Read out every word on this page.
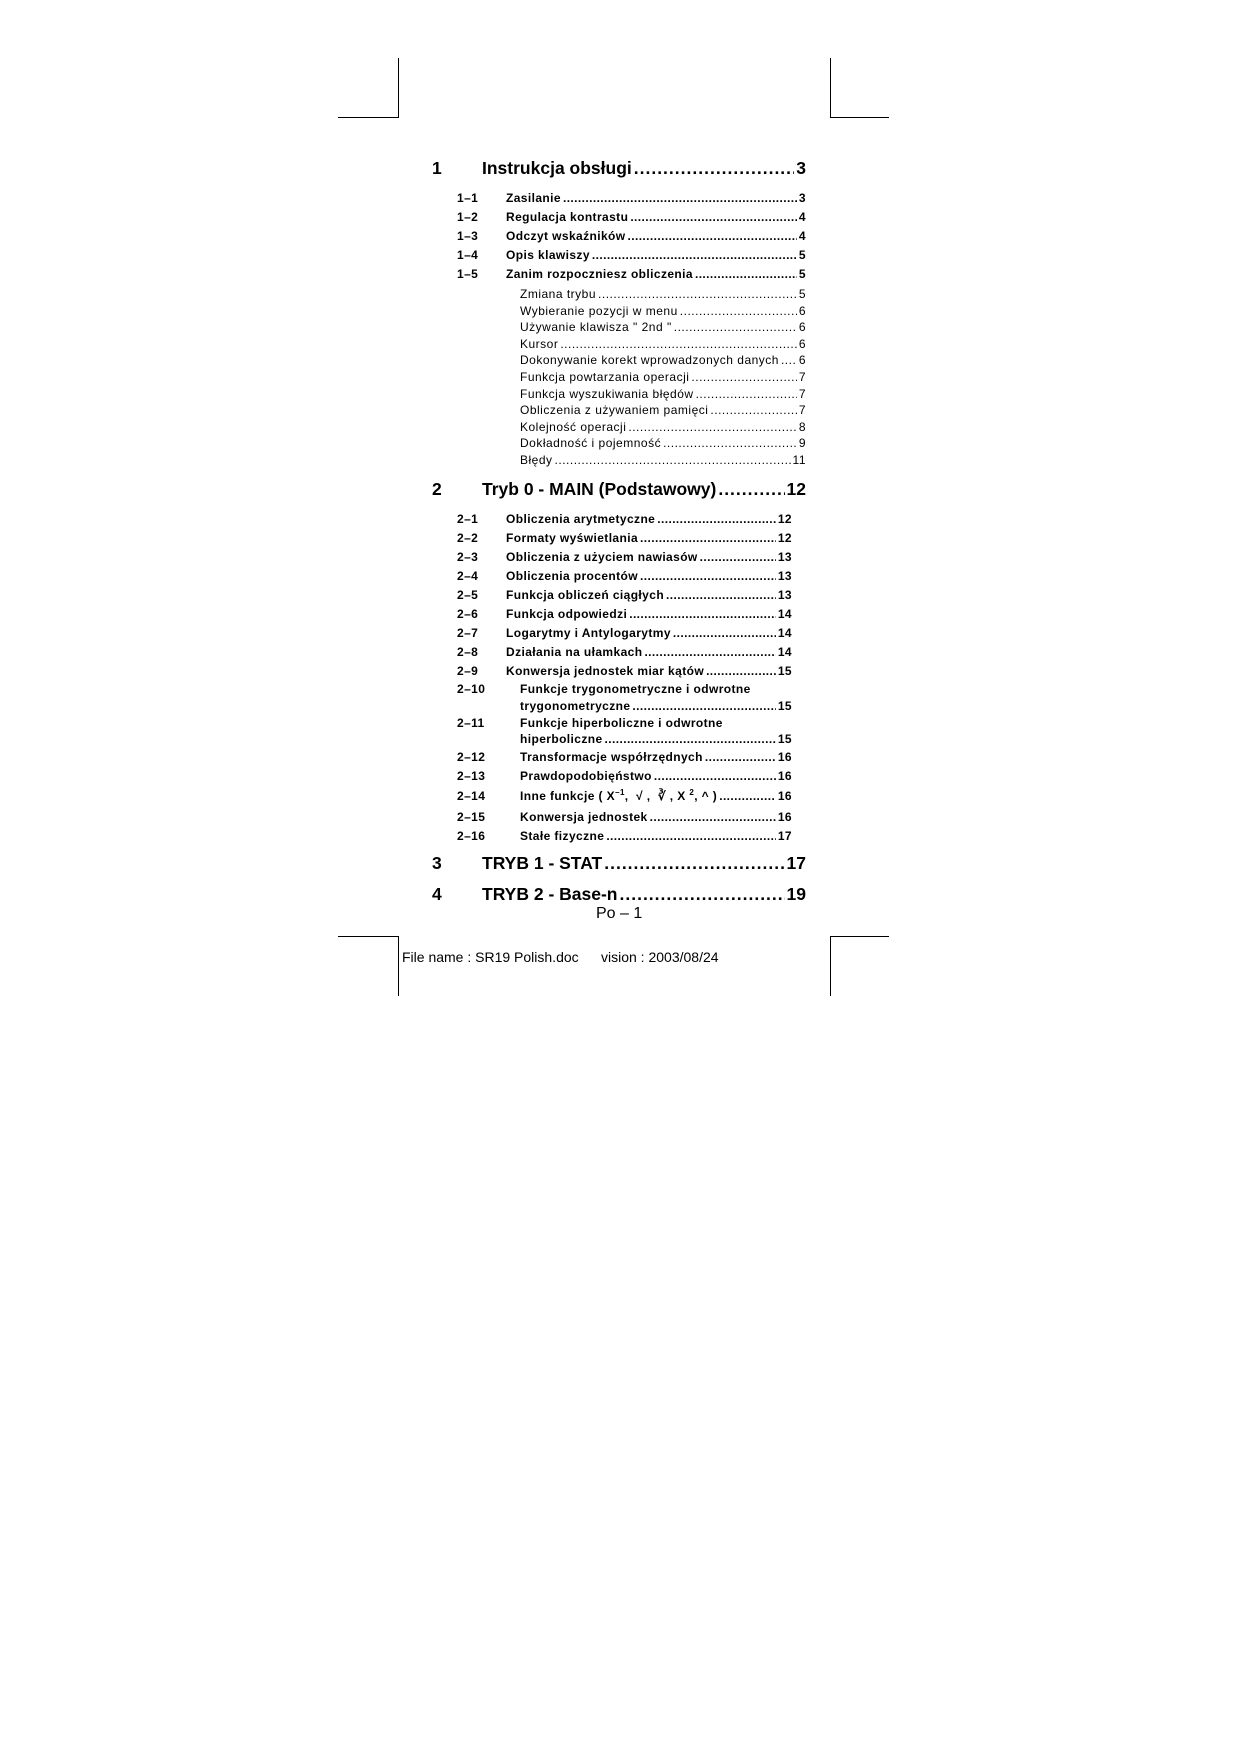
1 Instrukcja obsługi .....	3
1–1 Zasilanie .....	3
1–2 Regulacja kontrastu .....	4
1–3 Odczyt wskaźników .....	4
1–4 Opis klawiszy .....	5
1–5 Zanim rozpoczniesz obliczenia .....	5
Zmiana trybu .....	5
Wybieranie pozycji w menu .....	6
Używanie klawisza " 2nd " .....	6
Kursor .....	6
Dokonywanie korekt wprowadzonych danych ..... 6
Funkcja powtarzania operacji .....	7
Funkcja wyszukiwania błędów .....	7
Obliczenia z używaniem pamięci .....	7
Kolejność operacji .....	8
Dokładność i pojemność .....	9
Błędy .....	11
2 Tryb 0 - MAIN (Podstawowy) .....	12
2–1 Obliczenia arytmetyczne .....	12
2–2 Formaty wyświetlania .....	12
2–3 Obliczenia z użyciem nawiasów .....	13
2–4 Obliczenia procentów .....	13
2–5 Funkcja obliczeń ciągłych .....	13
2–6 Funkcja odpowiedzi .....	14
2–7 Logarytmy i Antylogarytmy .....	14
2–8 Działania na ułamkach .....	14
2–9 Konwersja jednostek miar kątów .....	15
2–10	Funkcje trygonometryczne i odwrotne
trygonometryczne .....	15
2–11	Funkcje hiperboliczne i odwrotne
hiperboliczne .....	15
2–12	Transformacje współrzędnych .....	16
2–13	Prawdopodobięństwo .....	16
2–14	Inne funkcje ( $X^{-1}$,  √ ,  ∛ , X $^2$, ^ ) .....	16
2–15	Konwersja jednostek .....	16
2–16	Stałe fizyczne .....	17
3 TRYB 1 - STAT .....	17
4 TRYB 2 - Base-n .....	19
Po – 1
File name : SR19 Polish.doc vision : 2003/08/24
